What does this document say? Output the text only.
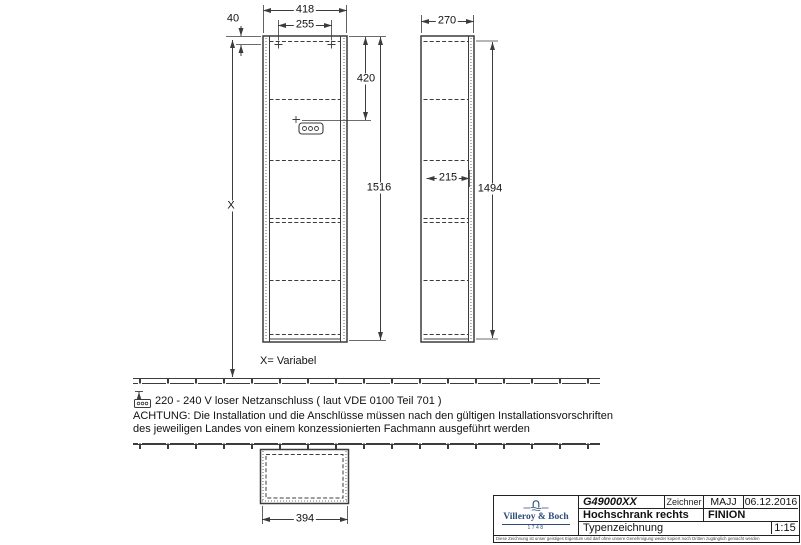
418
255
40
X
420
1516
270
215
1494
394
X= Variabel
220 - 240 V loser Netzanschluss ( laut VDE 0100 Teil 701 )
ACHTUNG: Die Installation und die Anschlüsse müssen nach den gültigen Installationsvorschriften
des jeweiligen Landes von einem konzessionierten Fachmann ausgeführt werden
Villeroy & Boch
1748
G49000XX	Zeichner MAJJ 06.12.2016
Hochschrank rechts	FINION
Typenzeichnung	1:15
Diese Zeichnung ist unser geistiges Eigentum und darf ohne unsere Genehmigung weder kopiert noch Dritten zugänglich gemacht werden
